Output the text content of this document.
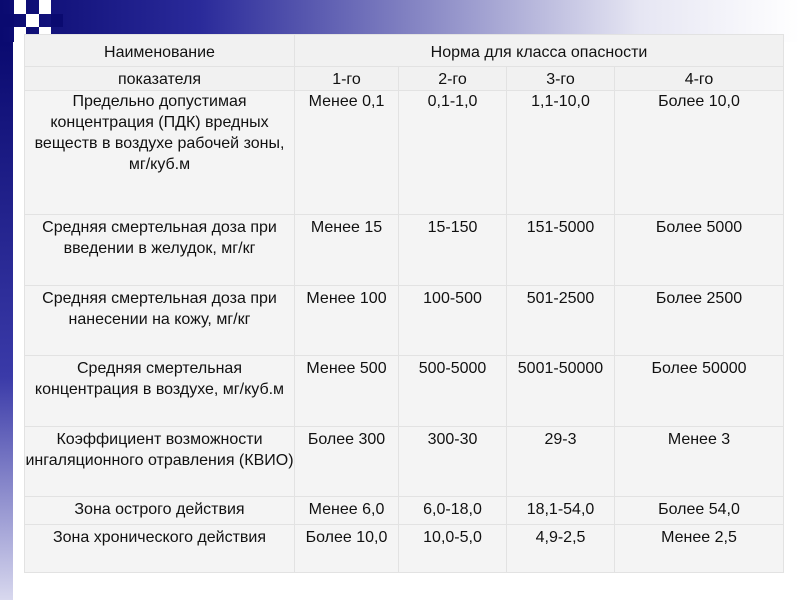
Наименование	Норма для класса опасности			
показателя	1-го	2-го	3-го	4-го
Предельно допустимая концентрация (ПДК) вредных веществ в воздухе рабочей зоны, мг/куб.м	Менее 0,1	0,1-1,0	1,1-10,0	Более 10,0
Средняя смертельная доза при введении в желудок, мг/кг	Менее 15	15-150	151-5000	Более 5000
Средняя смертельная доза при нанесении на кожу, мг/кг	Менее 100	100-500	501-2500	Более 2500
Средняя смертельная концентрация в воздухе, мг/куб.м	Менее 500	500-5000	5001-50000	Более 50000
Коэффициент возможности ингаляционного отравления (КВИО)	Более 300	300-30	29-3	Менее 3
Зона острого действия	Менее 6,0	6,0-18,0	18,1-54,0	Более 54,0
Зона хронического действия	Более 10,0	10,0-5,0	4,9-2,5	Менее 2,5
